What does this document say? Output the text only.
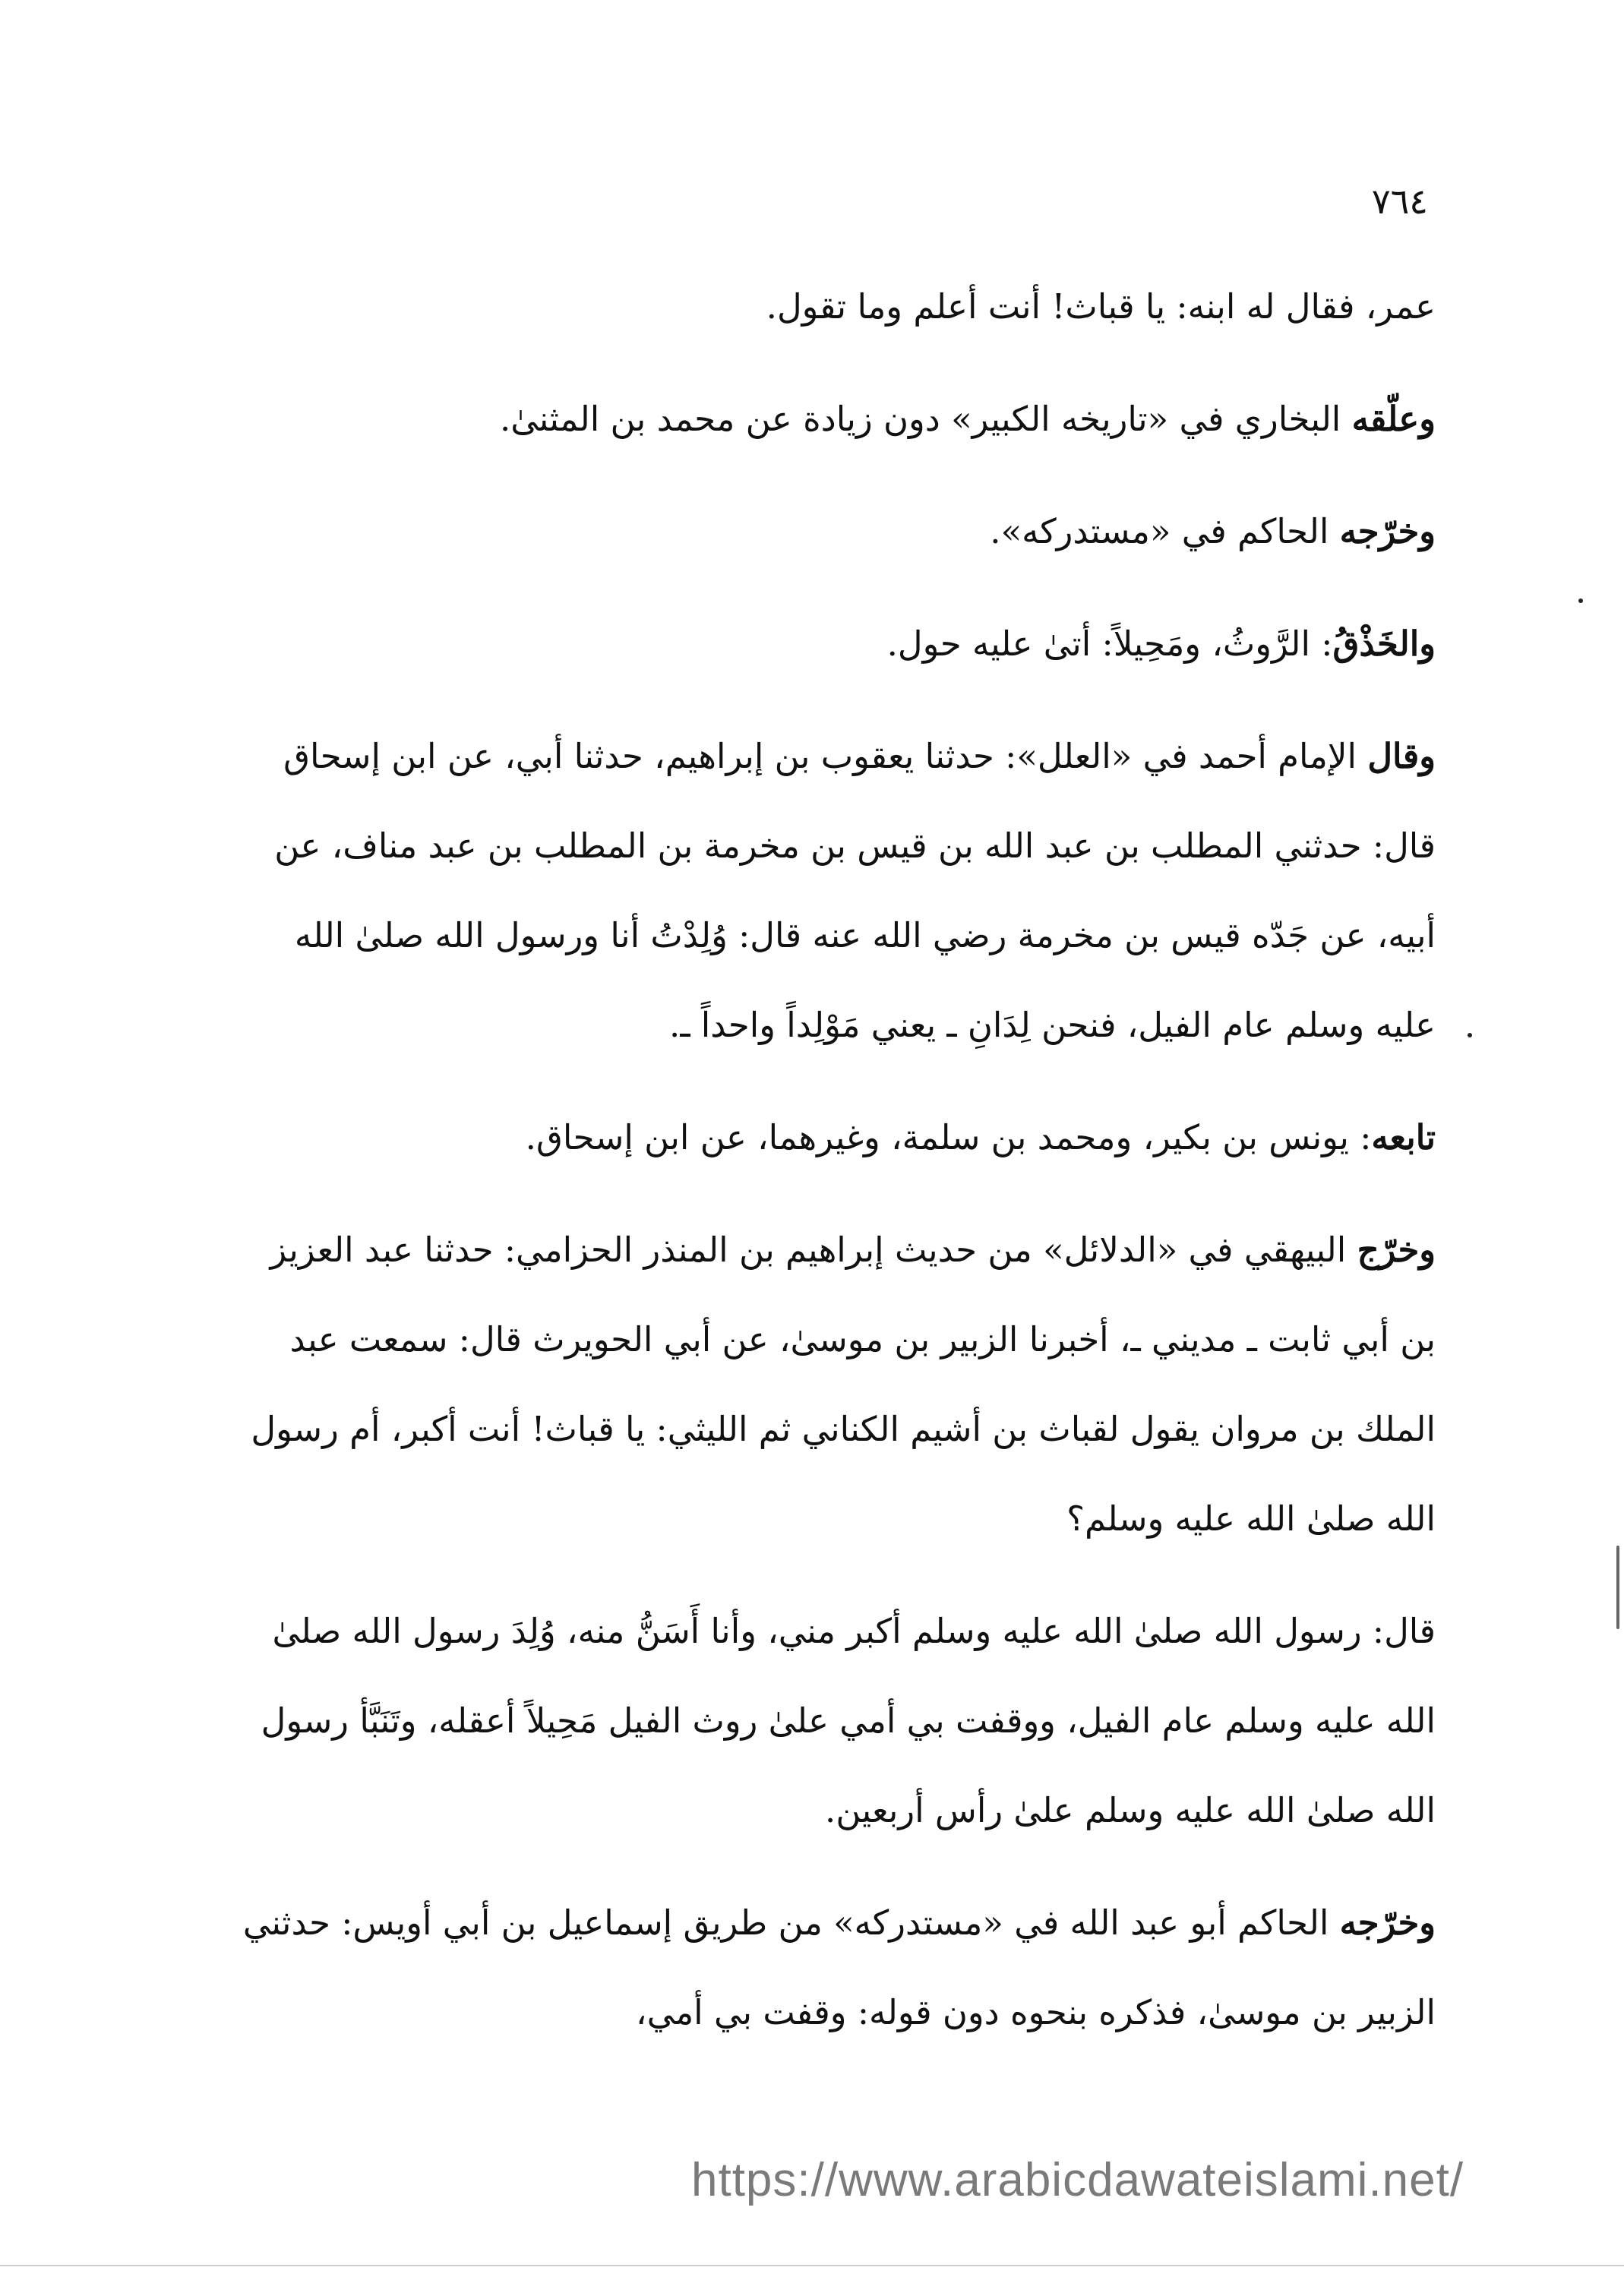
٧٦٤

عمر، فقال له ابنه: يا قباث! أنت أعلم وما تقول.

وعلّقه البخاري في «تاريخه الكبير» دون زيادة عن محمد بن المثنىٰ.

وخرّجه الحاكم في «مستدركه».

والخَذْقُ: الرَّوثُ، ومَحِيلاً: أتىٰ عليه حول.

وقال الإمام أحمد في «العلل»: حدثنا يعقوب بن إبراهيم، حدثنا أبي، عن ابن إسحاق قال: حدثني المطلب بن عبد الله بن قيس بن مخرمة بن المطلب بن عبد مناف، عن أبيه، عن جَدّه قيس بن مخرمة رضي الله عنه قال: وُلِدْتُ أنا ورسول الله صلىٰ الله عليه وسلم عام الفيل، فنحن لِدَانِ ـ يعني مَوْلِداً واحداً ـ.

تابعه: يونس بن بكير، ومحمد بن سلمة، وغيرهما، عن ابن إسحاق.

وخرّج البيهقي في «الدلائل» من حديث إبراهيم بن المنذر الحزامي: حدثنا عبد العزيز بن أبي ثابت ـ مديني ـ، أخبرنا الزبير بن موسىٰ، عن أبي الحويرث قال: سمعت عبد الملك بن مروان يقول لقباث بن أشيم الكناني ثم الليثي: يا قباث! أنت أكبر، أم رسول الله صلىٰ الله عليه وسلم؟

قال: رسول الله صلىٰ الله عليه وسلم أكبر مني، وأنا أَسَنُّ منه، وُلِدَ رسول الله صلىٰ الله عليه وسلم عام الفيل، ووقفت بي أمي علىٰ روث الفيل مَحِيلاً أعقله، وتَنَبَّأ رسول الله صلىٰ الله عليه وسلم علىٰ رأس أربعين.

وخرّجه الحاكم أبو عبد الله في «مستدركه» من طريق إسماعيل بن أبي أويس: حدثني الزبير بن موسىٰ، فذكره بنحوه دون قوله: وقفت بي أمي،

https://www.arabicdawateislami.net/
